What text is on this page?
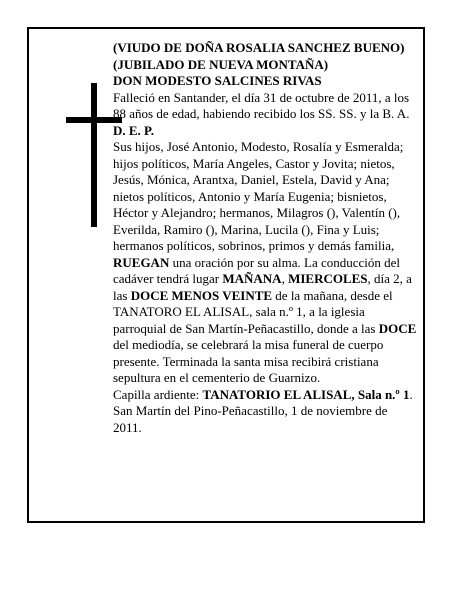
(VIUDO DE DOÑA ROSALIA SANCHEZ BUENO) (JUBILADO DE NUEVA MONTAÑA)

DON MODESTO SALCINES RIVAS

Falleció en Santander, el día 31 de octubre de 2011, a los 88 años de edad, habiendo recibido los SS. SS. y la B. A.

D. E. P.

Sus hijos, José Antonio, Modesto, Rosalía y Esmeralda; hijos políticos, María Angeles, Castor y Jovita; nietos, Jesús, Mónica, Arantxa, Daniel, Estela, David y Ana; nietos políticos, Antonio y María Eugenia; bisnietos, Héctor y Alejandro; hermanos, Milagros (), Valentín (), Everilda, Ramiro (), Marina, Lucila (), Fina y Luis; hermanos políticos, sobrinos, primos y demás familia, RUEGAN una oración por su alma. La conducción del cadáver tendrá lugar MAÑANA, MIERCOLES, día 2, a las DOCE MENOS VEINTE de la mañana, desde el TANATORO EL ALISAL, sala n.º 1, a la iglesia parroquial de San Martín-Peñacastillo, donde a las DOCE del mediodía, se celebrará la misa funeral de cuerpo presente. Terminada la santa misa recibirá cristiana sepultura en el cementerio de Guarnizo.

Capilla ardiente: TANATORIO EL ALISAL, Sala n.º 1.

San Martín del Pino-Peñacastillo, 1 de noviembre de 2011.
